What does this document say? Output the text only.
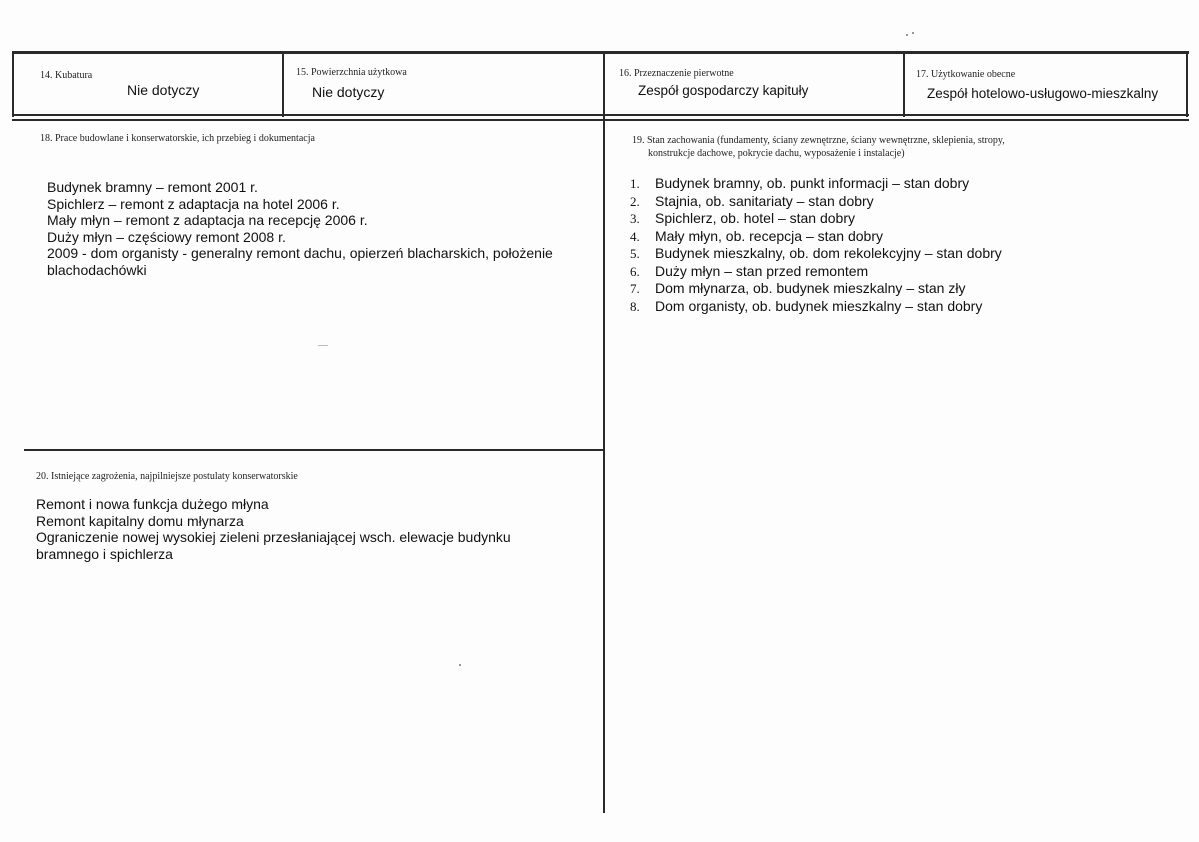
14. Kubatura
Nie dotyczy
15. Powierzchnia użytkowa
Nie dotyczy
16. Przeznaczenie pierwotne
Zespół gospodarczy kapituły
17. Użytkowanie obecne
Zespół hotelowo-usługowo-mieszkalny
18. Prace budowlane i konserwatorskie, ich przebieg i dokumentacja
Budynek bramny – remont 2001 r.
Spichlerz – remont z adaptacja na hotel 2006 r.
Mały młyn – remont z adaptacja na recepcję 2006 r.
Duży młyn – częściowy remont 2008 r.
2009 - dom organisty - generalny remont dachu, opierzeń blacharskich, położenie
blachodachówki
19. Stan zachowania (fundamenty, ściany zewnętrzne, ściany wewnętrzne, sklepienia, stropy,
konstrukcje dachowe, pokrycie dachu, wyposażenie i instalacje)
1. Budynek bramny, ob. punkt informacji – stan dobry
2. Stajnia, ob. sanitariaty – stan dobry
3. Spichlerz, ob. hotel – stan dobry
4. Mały młyn, ob. recepcja – stan dobry
5. Budynek mieszkalny, ob. dom rekolekcyjny – stan dobry
6. Duży młyn – stan przed remontem
7. Dom młynarza, ob. budynek mieszkalny – stan zły
8. Dom organisty, ob. budynek mieszkalny – stan dobry
20. Istniejące zagrożenia, najpilniejsze postulaty konserwatorskie
Remont i nowa funkcja dużego młyna
Remont kapitalny domu młynarza
Ograniczenie nowej wysokiej zieleni przesłaniającej wsch. elewacje budynku
bramnego i spichlerza
